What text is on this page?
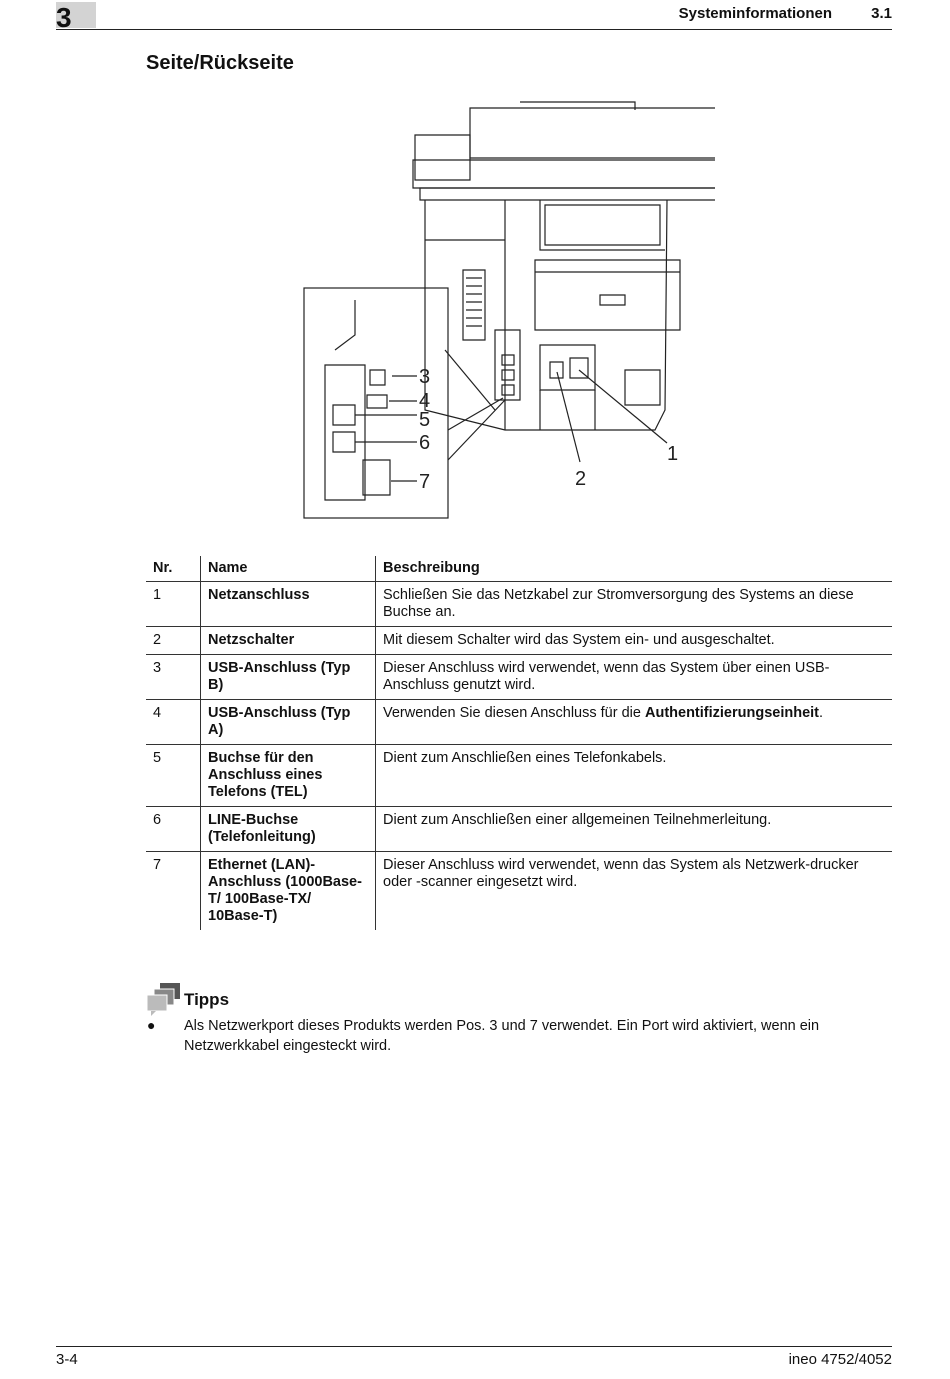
3	Systeminformationen	3.1
Seite/Rückseite
3
4
5
6
7
1
2
Nr.	Name	Beschreibung
1	Netzanschluss	Schließen Sie das Netzkabel zur Stromversorgung des Systems an diese Buchse an.
2	Netzschalter	Mit diesem Schalter wird das System ein- und ausgeschaltet.
3	USB-Anschluss (Typ B)	Dieser Anschluss wird verwendet, wenn das System über einen USB-Anschluss genutzt wird.
4	USB-Anschluss (Typ A)	Verwenden Sie diesen Anschluss für die Authentifizierungseinheit.
5	Buchse für den Anschluss eines Telefons (TEL)	Dient zum Anschließen eines Telefonkabels.
6	LINE-Buchse (Telefonleitung)	Dient zum Anschließen einer allgemeinen Teilnehmerleitung.
7	Ethernet (LAN)-Anschluss (1000Base-T/ 100Base-TX/ 10Base-T)	Dieser Anschluss wird verwendet, wenn das System als Netzwerk-drucker oder -scanner eingesetzt wird.
Tipps
● Als Netzwerkport dieses Produkts werden Pos. 3 und 7 verwendet. Ein Port wird aktiviert, wenn ein Netzwerkkabel eingesteckt wird.
3-4	ineo 4752/4052
